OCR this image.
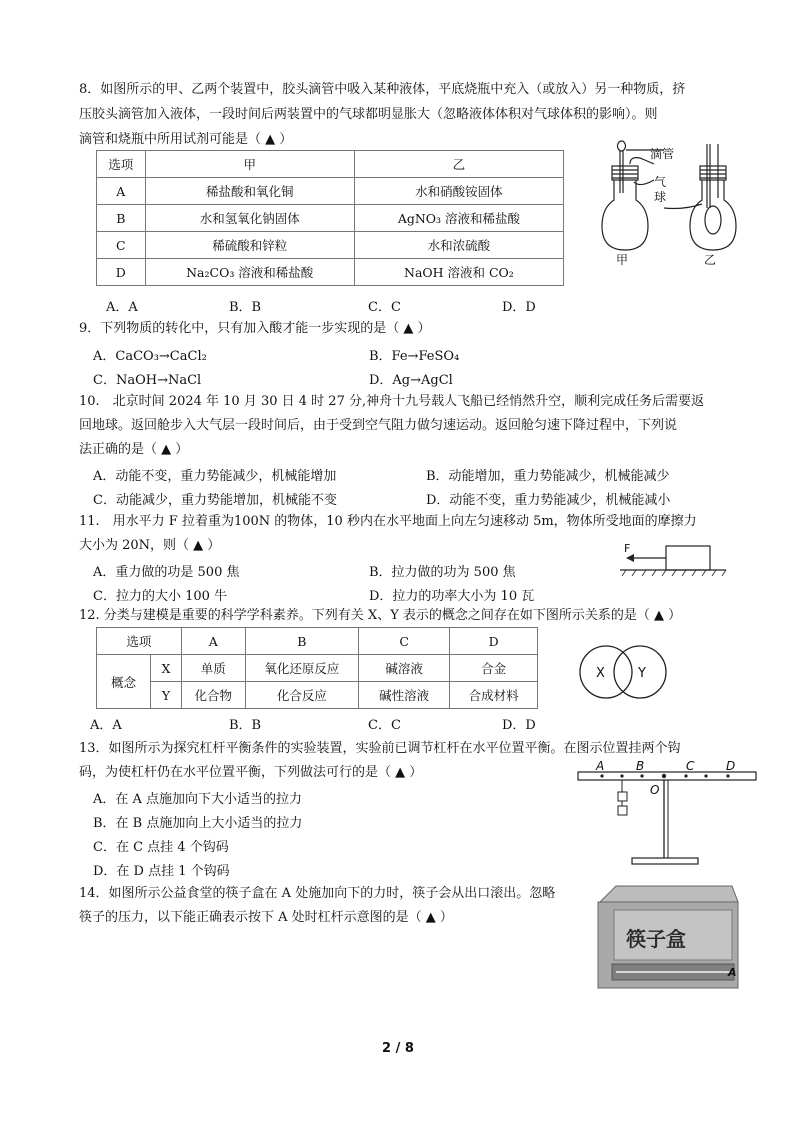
8．如图所示的甲、乙两个装置中，胶头滴管中吸入某种液体，平底烧瓶中充入（或放入）另一种物质，挤
压胶头滴管加入液体，一段时间后两装置中的气球都明显胀大（忽略液体体积对气球体积的影响）。则
滴管和烧瓶中所用试剂可能是（ ▲ ）
选项	甲	乙
A	稀盐酸和氧化铜	水和硝酸铵固体
B	水和氢氧化钠固体	AgNO₃ 溶液和稀盐酸
C	稀硫酸和锌粒	水和浓硫酸
D	Na₂CO₃ 溶液和稀盐酸	NaOH 溶液和 CO₂
A．A	B．B	C．C	D．D
滴管
气
球
甲	乙
9．下列物质的转化中，只有加入酸才能一步实现的是（ ▲ ）
A．CaCO₃→CaCl₂	B．Fe→FeSO₄
C．NaOH→NaCl	D．Ag→AgCl
10.　北京时间 2024 年 10 月 30 日 4 时 27 分,神舟十九号载人飞船已经悄然升空，顺利完成任务后需要返
回地球。返回舱步入大气层一段时间后，由于受到空气阻力做匀速运动。返回舱匀速下降过程中，下列说
法正确的是（ ▲ ）
A．动能不变，重力势能减少，机械能增加	B．动能增加，重力势能减少，机械能减少
C．动能减少，重力势能增加，机械能不变	D．动能不变，重力势能减少，机械能减小
11.　用水平力 F 拉着重为100N 的物体，10 秒内在水平地面上向左匀速移动 5m，物体所受地面的摩擦力
大小为 20N，则（ ▲ ）
A．重力做的功是 500 焦	B．拉力做的功为 500 焦
C．拉力的大小 100 牛	D．拉力的功率大小为 10 瓦
F
12. 分类与建模是重要的科学学科素养。下列有关 X、Y 表示的概念之间存在如下图所示关系的是（ ▲ ）
选项		A	B	C	D
概念	X	单质	氧化还原反应	碱溶液	合金
	Y	化合物	化合反应	碱性溶液	合成材料
A．A	B．B	C．C	D．D
X	Y
13．如图所示为探究杠杆平衡条件的实验装置，实验前已调节杠杆在水平位置平衡。在图示位置挂两个钩
码，为使杠杆仍在水平位置平衡，下列做法可行的是（ ▲ ）
A．在 A 点施加向下大小适当的拉力
B．在 B 点施加向上大小适当的拉力
C．在 C 点挂 4 个钩码
D．在 D 点挂 1 个钩码
A	B	C	D
O
14．如图所示公益食堂的筷子盒在 A 处施加向下的力时，筷子会从出口滚出。忽略
筷子的压力，以下能正确表示按下 A 处时杠杆示意图的是（ ▲ ）
筷子盒
A
2 / 8
